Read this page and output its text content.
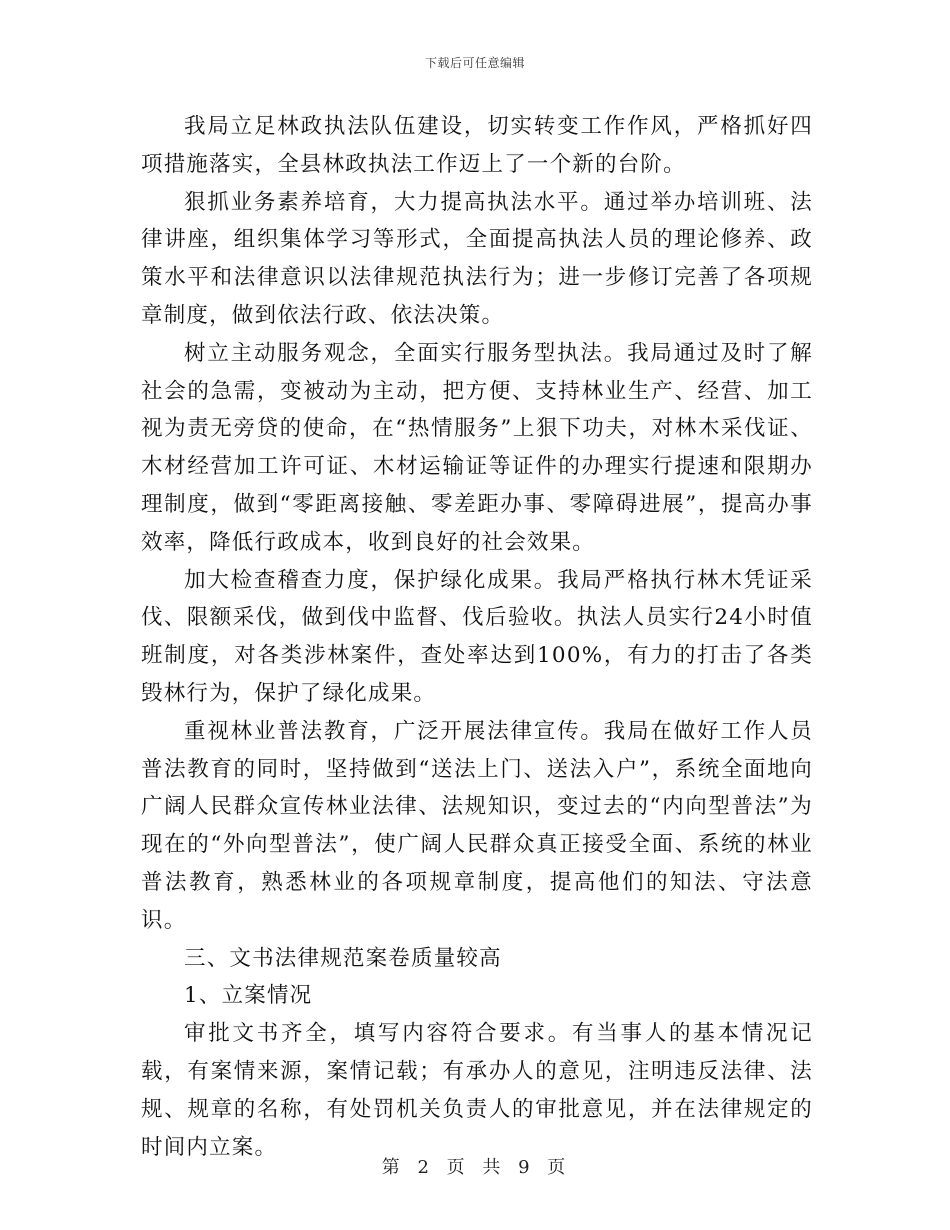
下载后可任意编辑

我局立足林政执法队伍建设，切实转变工作作风，严格抓好四项措施落实，全县林政执法工作迈上了一个新的台阶。

狠抓业务素养培育，大力提高执法水平。通过举办培训班、法律讲座，组织集体学习等形式，全面提高执法人员的理论修养、政策水平和法律意识以法律规范执法行为；进一步修订完善了各项规章制度，做到依法行政、依法决策。

树立主动服务观念，全面实行服务型执法。我局通过及时了解社会的急需，变被动为主动，把方便、支持林业生产、经营、加工视为责无旁贷的使命，在“热情服务”上狠下功夫，对林木采伐证、木材经营加工许可证、木材运输证等证件的办理实行提速和限期办理制度，做到“零距离接触、零差距办事、零障碍进展”，提高办事效率，降低行政成本，收到良好的社会效果。

加大检查稽查力度，保护绿化成果。我局严格执行林木凭证采伐、限额采伐，做到伐中监督、伐后验收。执法人员实行24小时值班制度，对各类涉林案件，查处率达到100%，有力的打击了各类毁林行为，保护了绿化成果。

重视林业普法教育，广泛开展法律宣传。我局在做好工作人员普法教育的同时，坚持做到“送法上门、送法入户”，系统全面地向广阔人民群众宣传林业法律、法规知识，变过去的“内向型普法”为现在的“外向型普法”，使广阔人民群众真正接受全面、系统的林业普法教育，熟悉林业的各项规章制度，提高他们的知法、守法意识。

三、文书法律规范案卷质量较高

1、立案情况

审批文书齐全，填写内容符合要求。有当事人的基本情况记载，有案情来源，案情记载；有承办人的意见，注明违反法律、法规、规章的名称，有处罚机关负责人的审批意见，并在法律规定的时间内立案。

第 2 页 共 9 页
